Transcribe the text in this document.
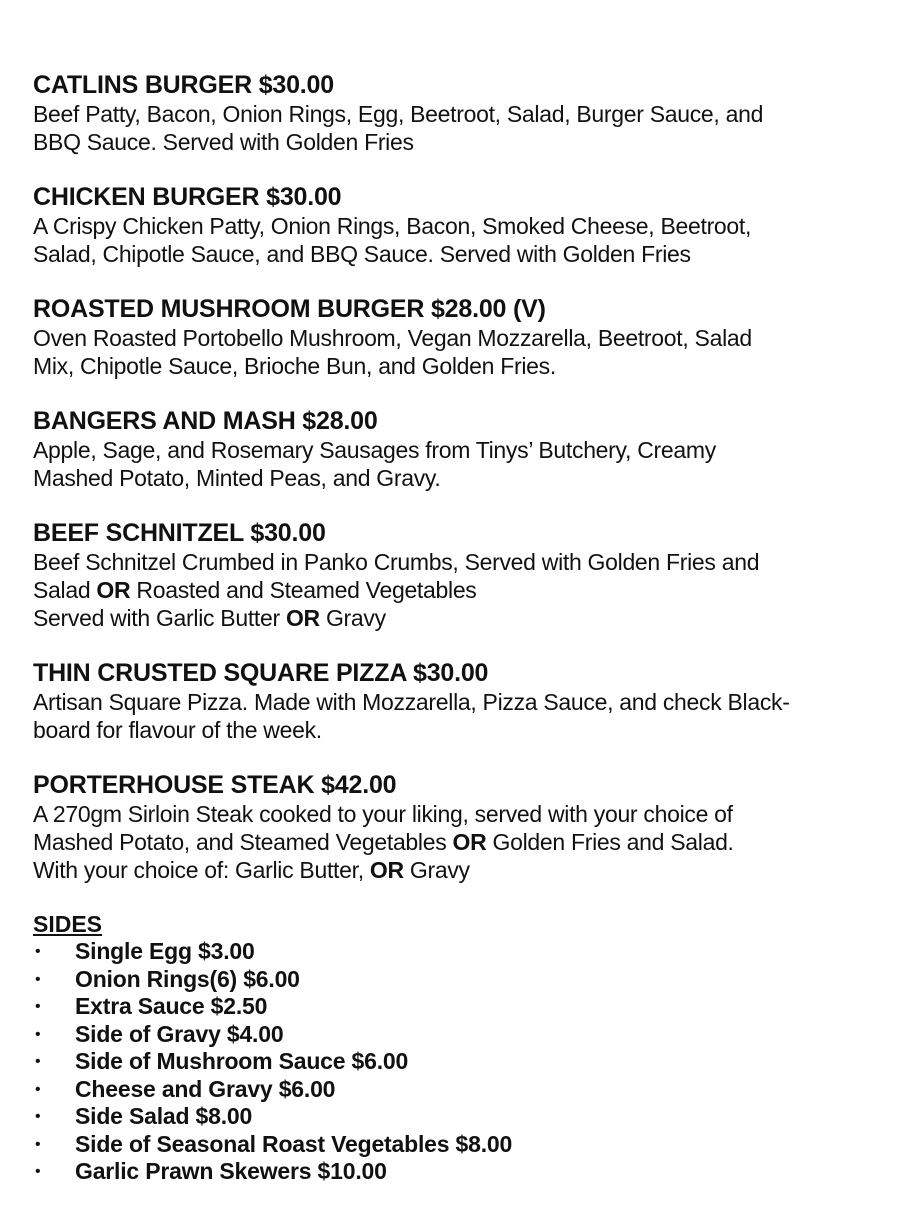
CATLINS BURGER $30.00

Beef Patty, Bacon, Onion Rings, Egg, Beetroot, Salad, Burger Sauce, and
BBQ Sauce. Served with Golden Fries

CHICKEN BURGER $30.00

A Crispy Chicken Patty, Onion Rings, Bacon, Smoked Cheese, Beetroot,
Salad, Chipotle Sauce, and BBQ Sauce. Served with Golden Fries

ROASTED MUSHROOM BURGER $28.00 (V)

Oven Roasted Portobello Mushroom, Vegan Mozzarella, Beetroot, Salad
Mix, Chipotle Sauce, Brioche Bun, and Golden Fries.

BANGERS AND MASH $28.00

Apple, Sage, and Rosemary Sausages from Tinys’ Butchery, Creamy
Mashed Potato, Minted Peas, and Gravy.

BEEF SCHNITZEL $30.00

Beef Schnitzel Crumbed in Panko Crumbs, Served with Golden Fries and
Salad OR Roasted and Steamed Vegetables
Served with Garlic Butter OR Gravy

THIN CRUSTED SQUARE PIZZA $30.00

Artisan Square Pizza. Made with Mozzarella, Pizza Sauce, and check Black-
board for flavour of the week.

PORTERHOUSE STEAK $42.00

A 270gm Sirloin Steak cooked to your liking, served with your choice of
Mashed Potato, and Steamed Vegetables OR Golden Fries and Salad.
With your choice of: Garlic Butter, OR Gravy

SIDES

• Single Egg $3.00
• Onion Rings(6) $6.00
• Extra Sauce $2.50
• Side of Gravy $4.00
• Side of Mushroom Sauce $6.00
• Cheese and Gravy $6.00
• Side Salad $8.00
• Side of Seasonal Roast Vegetables $8.00
• Garlic Prawn Skewers $10.00
